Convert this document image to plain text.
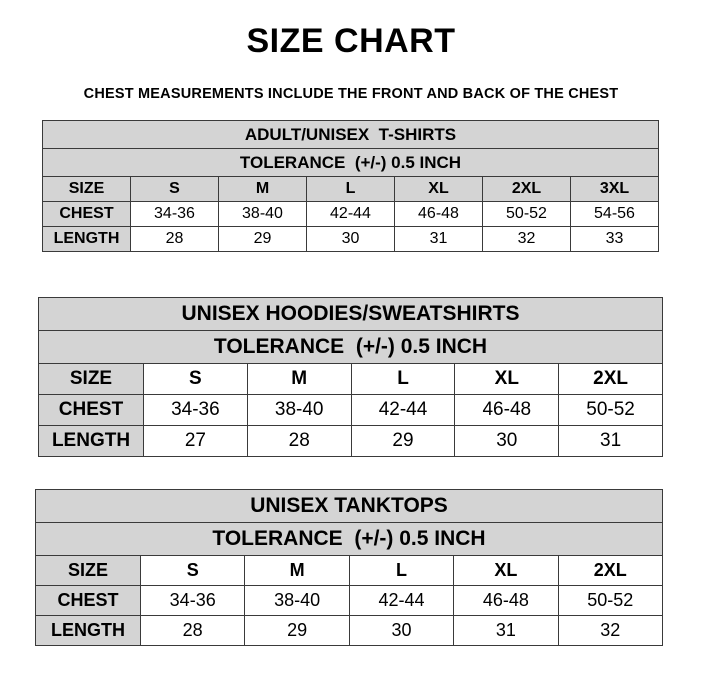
SIZE CHART
CHEST MEASUREMENTS INCLUDE THE FRONT AND BACK OF THE CHEST
ADULT/UNISEX  T-SHIRTS						
TOLERANCE  (+/-) 0.5 INCH						
SIZE	S	M	L	XL	2XL	3XL
CHEST	34-36	38-40	42-44	46-48	50-52	54-56
LENGTH	28	29	30	31	32	33
UNISEX HOODIES/SWEATSHIRTS					
TOLERANCE  (+/-) 0.5 INCH					
SIZE	S	M	L	XL	2XL
CHEST	34-36	38-40	42-44	46-48	50-52
LENGTH	27	28	29	30	31
UNISEX TANKTOPS					
TOLERANCE  (+/-) 0.5 INCH					
SIZE	S	M	L	XL	2XL
CHEST	34-36	38-40	42-44	46-48	50-52
LENGTH	28	29	30	31	32
